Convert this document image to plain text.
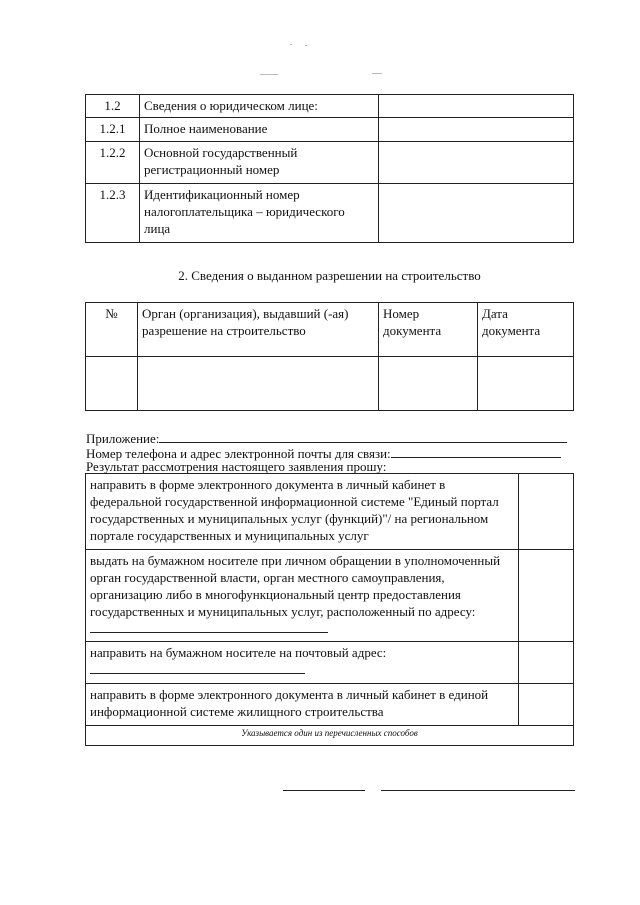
1.2	Сведения о юридическом лице:	
1.2.1	Полное наименование	
1.2.2	Основной государственный регистрационный номер	
1.2.3	Идентификационный номер налогоплательщика – юридического лица	
2. Сведения о выданном разрешении на строительство
№	Орган (организация), выдавший (-ая) разрешение на строительство	Номер документа	Дата документа

Приложение:
Номер телефона и адрес электронной почты для связи:
Результат рассмотрения настоящего заявления прошу:
направить в форме электронного документа в личный кабинет в федеральной государственной информационной системе "Единый портал государственных и муниципальных услуг (функций)"/ на региональном портале государственных и муниципальных услуг	
выдать на бумажном носителе при личном обращении в уполномоченный орган государственной власти, орган местного самоуправления, организацию либо в многофункциональный центр предоставления государственных и муниципальных услуг, расположенный по адресу:	
направить на бумажном носителе на почтовый адрес:	
направить в форме электронного документа в личный кабинет в единой информационной системе жилищного строительства	
Указывается один из перечисленных способов	
